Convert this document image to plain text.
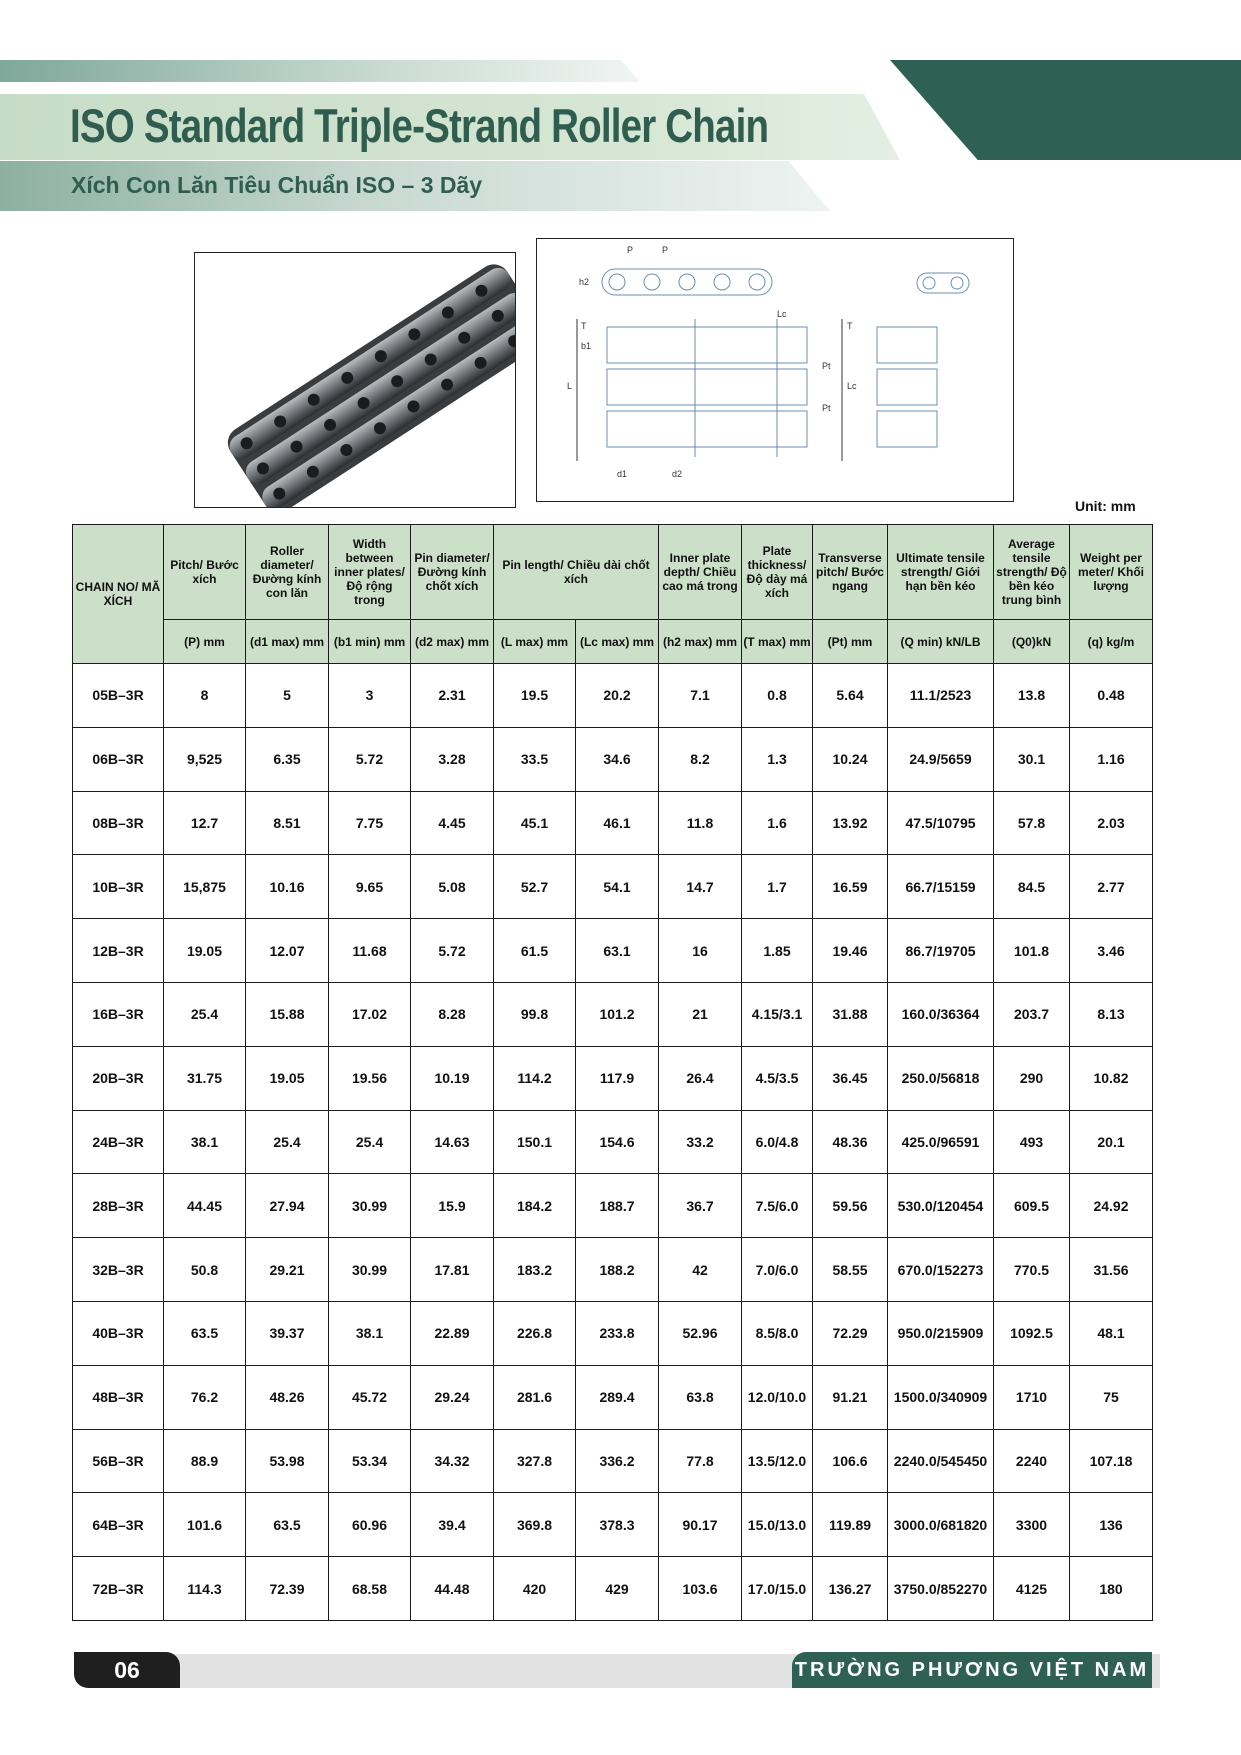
ISO Standard Triple-Strand Roller Chain
Xích Con Lăn Tiêu Chuẩn ISO – 3 Dãy
P	P
h2
T
b1
L
Lc
Pt
Pt
Lc
T
d1	d2
Unit: mm
CHAIN NO/ MÃ XÍCH	Pitch/ Bước xích	Roller diameter/ Đường kính con lăn	Width between inner plates/ Độ rộng trong	Pin diameter/ Đường kính chốt xích	Pin length/ Chiều dài chốt xích		Inner plate depth/ Chiều cao má trong	Plate thickness/ Độ dày má xích	Transverse pitch/ Bước ngang	Ultimate tensile strength/ Giới hạn bền kéo	Average tensile strength/ Độ bền kéo trung bình	Weight per meter/ Khối lượng
	(P) mm	(d1 max) mm	(b1 min) mm	(d2 max) mm	(L max) mm	(Lc max) mm	(h2 max) mm	(T max) mm	(Pt) mm	(Q min) kN/LB	(Q0)kN	(q) kg/m
05B–3R	8	5	3	2.31	19.5	20.2	7.1	0.8	5.64	11.1/2523	13.8	0.48
06B–3R	9,525	6.35	5.72	3.28	33.5	34.6	8.2	1.3	10.24	24.9/5659	30.1	1.16
08B–3R	12.7	8.51	7.75	4.45	45.1	46.1	11.8	1.6	13.92	47.5/10795	57.8	2.03
10B–3R	15,875	10.16	9.65	5.08	52.7	54.1	14.7	1.7	16.59	66.7/15159	84.5	2.77
12B–3R	19.05	12.07	11.68	5.72	61.5	63.1	16	1.85	19.46	86.7/19705	101.8	3.46
16B–3R	25.4	15.88	17.02	8.28	99.8	101.2	21	4.15/3.1	31.88	160.0/36364	203.7	8.13
20B–3R	31.75	19.05	19.56	10.19	114.2	117.9	26.4	4.5/3.5	36.45	250.0/56818	290	10.82
24B–3R	38.1	25.4	25.4	14.63	150.1	154.6	33.2	6.0/4.8	48.36	425.0/96591	493	20.1
28B–3R	44.45	27.94	30.99	15.9	184.2	188.7	36.7	7.5/6.0	59.56	530.0/120454	609.5	24.92
32B–3R	50.8	29.21	30.99	17.81	183.2	188.2	42	7.0/6.0	58.55	670.0/152273	770.5	31.56
40B–3R	63.5	39.37	38.1	22.89	226.8	233.8	52.96	8.5/8.0	72.29	950.0/215909	1092.5	48.1
48B–3R	76.2	48.26	45.72	29.24	281.6	289.4	63.8	12.0/10.0	91.21	1500.0/340909	1710	75
56B–3R	88.9	53.98	53.34	34.32	327.8	336.2	77.8	13.5/12.0	106.6	2240.0/545450	2240	107.18
64B–3R	101.6	63.5	60.96	39.4	369.8	378.3	90.17	15.0/13.0	119.89	3000.0/681820	3300	136
72B–3R	114.3	72.39	68.58	44.48	420	429	103.6	17.0/15.0	136.27	3750.0/852270	4125	180
06	TRƯỜNG PHƯƠNG VIỆT NAM
